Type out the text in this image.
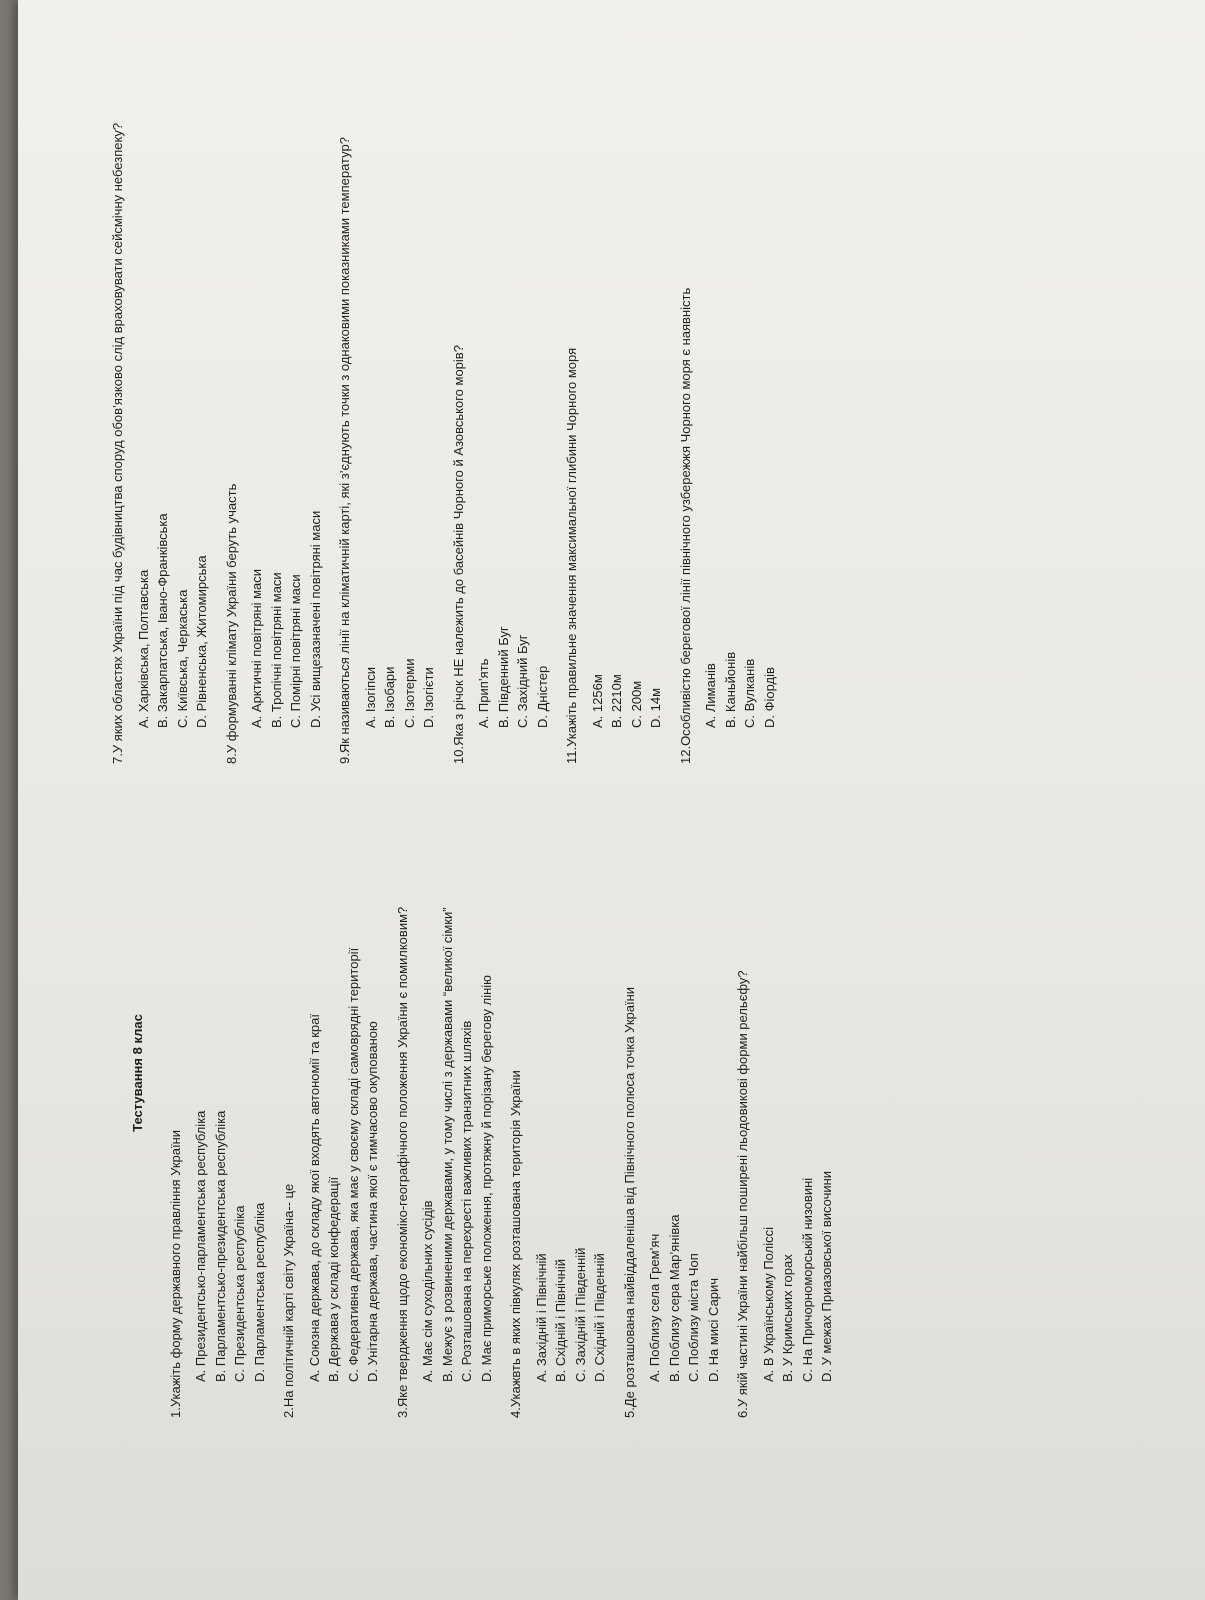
Тестування 8 клас
1.Укажіть форму державного правління України A. Президентсько-парламентська республіка B. Парламентсько-президентська республіка C. Президентська республіка D. Парламентська республіка 2.На політичній карті світу Україна-- це A. Союзна держава, до складу якої входять автономії та краї B. Держава у складі конфедерації C. Федеративна держава, яка має у своєму складі самоврядні території D. Унітарна держава, частина якої є тимчасово окупованою 3.Яке твердження щодо економіко-географічного положення України є помилковим? A. Має сім суходільних сусідів B. Межує з розвиненими державами, у тому числі з державами “великої сімки” C. Розташована на перехресті важливих транзитних шляхів D. Має приморське положення, протяжну й порізану берегову лінію 4.Укажвть в яких півкулях розташована територія України A. Західній і Північній B. Східній і Північній C. Західній і Південній D. Східній і Південній 5.Де розташована найвіддаленіша від Північного полюса точка України A. Поблизу села Грем’яч B. Поблизу сера Мар’янівка C. Поблизу міста Чоп D. На мисі Сарич 6.У якій частині України найбільш поширені льодовикові форми рельєфу? A. В Українському Поліссі B. У Кримських горах C. На Причорноморській низовині D. У межах Приазовської височини
7.У яких областях України під час будівництва споруд обов’язково слід враховувати сейсмічну небезпеку? A. Харківська, Полтавська B. Закарпатська, Івано-Франківська C. Київська, Черкаська D. Рівненська, Житомирська 8.У формуванні клімату України беруть участь A. Арктичні повітряні маси B. Тропічні повітряні маси C. Помірні повітряні маси D. Усі вищезазначені повітряні маси 9.Як називаються лінії на кліматичній карті, які з’єднують точки з однаковими показниками температур? A. Ізогіпси B. Ізобари C. Ізотерми D. Ізогієти 10.Яка з річок НЕ належить до басейнів Чорного й Азовського морів? A. Прип’ять B. Південний Буг C. Західний Буг D. Дністер 11.Укажіть правильне значення максимальної глибини Чорного моря A. 1256м B. 2210м C. 200м D. 14м 12.Особливістю берегової лінії північного узбережжя Чорного моря є наявність A. Лиманів B. Каньйонів C. Вулканів D. Фіордів
